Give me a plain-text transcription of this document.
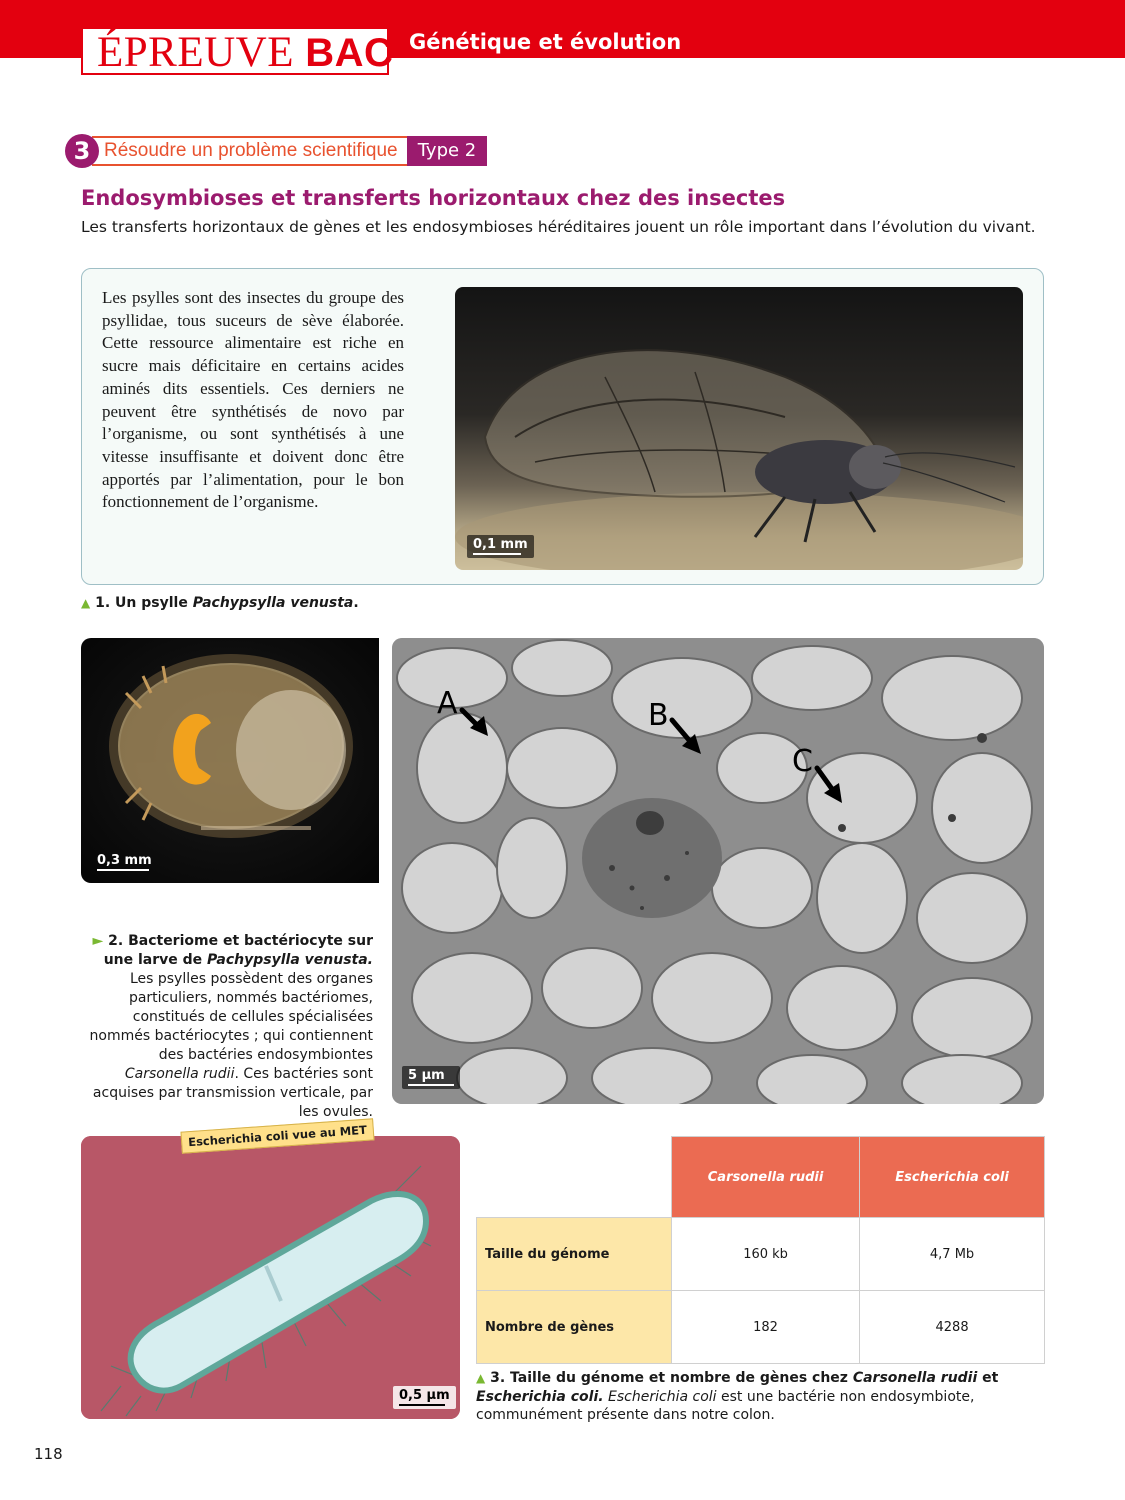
ÉPREUVE BAC Génétique et évolution
Résoudre un problème scientifique
3	Type 2
Endosymbioses et transferts horizontaux chez des insectes
Les transferts horizontaux de gènes et les endosymbioses héréditaires jouent un rôle important dans l’évolution du vivant.
Les psylles sont des insectes du groupe des psyllidae, tous suceurs de sève élaborée. Cette ressource alimentaire est riche en sucre mais déficitaire en certains acides aminés dits essentiels. Ces derniers ne peuvent être synthétisés de novo par l’organisme, ou sont synthétisés à une vitesse insuffisante et doivent donc être apportés par l’alimentation, pour le bon fonctionnement de l’organisme.
0,1 mm
▲ 1. Un psylle Pachypsylla venusta.
0,3 mm
A	B
C
5 µm
► 2. Bacteriome et bactériocyte sur une larve de Pachypsylla venusta. Les psylles possèdent des organes particuliers, nommés bactériomes, constitués de cellules spécialisées nommés bactériocytes ; qui contiennent des bactéries endosymbiontes Carsonella rudii. Ces bactéries sont acquises par transmission verticale, par les ovules.
0,5 µm
Escherichia coli vue au MET
	Carsonella rudii	Escherichia coli
Taille du génome	160 kb	4,7 Mb
Nombre de gènes	182	4288
▲ 3. Taille du génome et nombre de gènes chez Carsonella rudii et Escherichia coli. Escherichia coli est une bactérie non endosymbiote, communément présente dans notre colon.
118
